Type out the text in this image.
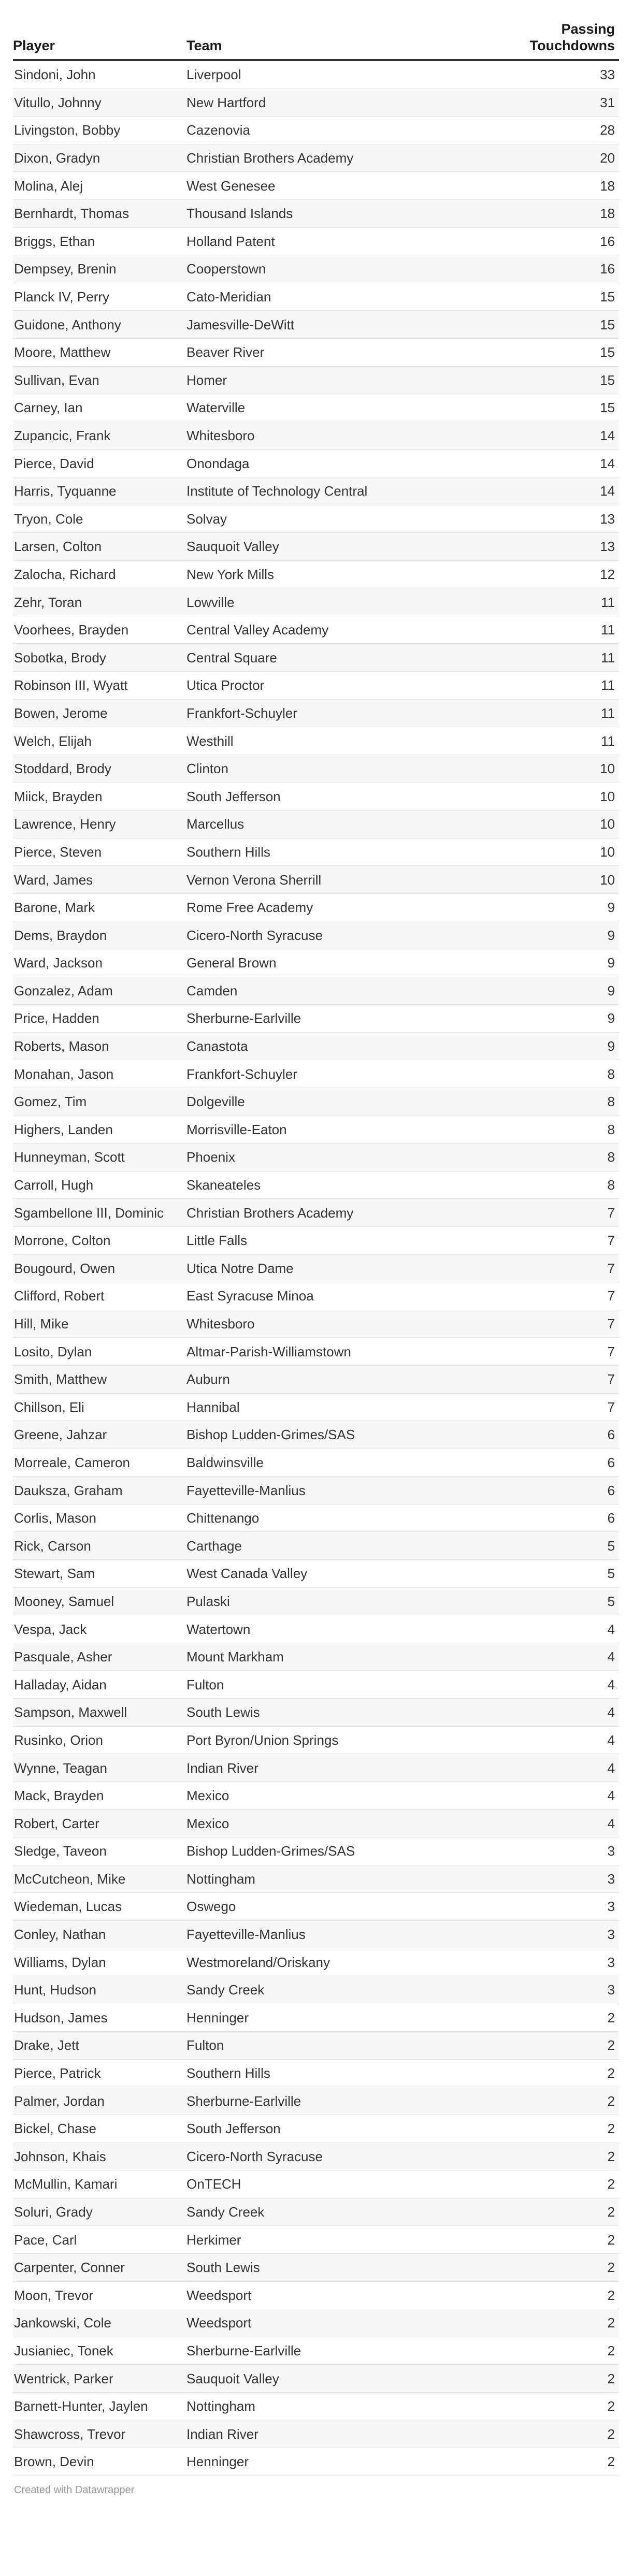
Player	Team	Passing
Touchdowns
Sindoni, John	Liverpool	33
Vitullo, Johnny	New Hartford	31
Livingston, Bobby	Cazenovia	28
Dixon, Gradyn	Christian Brothers Academy	20
Molina, Alej	West Genesee	18
Bernhardt, Thomas	Thousand Islands	18
Briggs, Ethan	Holland Patent	16
Dempsey, Brenin	Cooperstown	16
Planck IV, Perry	Cato-Meridian	15
Guidone, Anthony	Jamesville-DeWitt	15
Moore, Matthew	Beaver River	15
Sullivan, Evan	Homer	15
Carney, Ian	Waterville	15
Zupancic, Frank	Whitesboro	14
Pierce, David	Onondaga	14
Harris, Tyquanne	Institute of Technology Central	14
Tryon, Cole	Solvay	13
Larsen, Colton	Sauquoit Valley	13
Zalocha, Richard	New York Mills	12
Zehr, Toran	Lowville	11
Voorhees, Brayden	Central Valley Academy	11
Sobotka, Brody	Central Square	11
Robinson III, Wyatt	Utica Proctor	11
Bowen, Jerome	Frankfort-Schuyler	11
Welch, Elijah	Westhill	11
Stoddard, Brody	Clinton	10
Miick, Brayden	South Jefferson	10
Lawrence, Henry	Marcellus	10
Pierce, Steven	Southern Hills	10
Ward, James	Vernon Verona Sherrill	10
Barone, Mark	Rome Free Academy	9
Dems, Braydon	Cicero-North Syracuse	9
Ward, Jackson	General Brown	9
Gonzalez, Adam	Camden	9
Price, Hadden	Sherburne-Earlville	9
Roberts, Mason	Canastota	9
Monahan, Jason	Frankfort-Schuyler	8
Gomez, Tim	Dolgeville	8
Highers, Landen	Morrisville-Eaton	8
Hunneyman, Scott	Phoenix	8
Carroll, Hugh	Skaneateles	8
Sgambellone III, Dominic	Christian Brothers Academy	7
Morrone, Colton	Little Falls	7
Bougourd, Owen	Utica Notre Dame	7
Clifford, Robert	East Syracuse Minoa	7
Hill, Mike	Whitesboro	7
Losito, Dylan	Altmar-Parish-Williamstown	7
Smith, Matthew	Auburn	7
Chillson, Eli	Hannibal	7
Greene, Jahzar	Bishop Ludden-Grimes/SAS	6
Morreale, Cameron	Baldwinsville	6
Dauksza, Graham	Fayetteville-Manlius	6
Corlis, Mason	Chittenango	6
Rick, Carson	Carthage	5
Stewart, Sam	West Canada Valley	5
Mooney, Samuel	Pulaski	5
Vespa, Jack	Watertown	4
Pasquale, Asher	Mount Markham	4
Halladay, Aidan	Fulton	4
Sampson, Maxwell	South Lewis	4
Rusinko, Orion	Port Byron/Union Springs	4
Wynne, Teagan	Indian River	4
Mack, Brayden	Mexico	4
Robert, Carter	Mexico	4
Sledge, Taveon	Bishop Ludden-Grimes/SAS	3
McCutcheon, Mike	Nottingham	3
Wiedeman, Lucas	Oswego	3
Conley, Nathan	Fayetteville-Manlius	3
Williams, Dylan	Westmoreland/Oriskany	3
Hunt, Hudson	Sandy Creek	3
Hudson, James	Henninger	2
Drake, Jett	Fulton	2
Pierce, Patrick	Southern Hills	2
Palmer, Jordan	Sherburne-Earlville	2
Bickel, Chase	South Jefferson	2
Johnson, Khais	Cicero-North Syracuse	2
McMullin, Kamari	OnTECH	2
Soluri, Grady	Sandy Creek	2
Pace, Carl	Herkimer	2
Carpenter, Conner	South Lewis	2
Moon, Trevor	Weedsport	2
Jankowski, Cole	Weedsport	2
Jusianiec, Tonek	Sherburne-Earlville	2
Wentrick, Parker	Sauquoit Valley	2
Barnett-Hunter, Jaylen	Nottingham	2
Shawcross, Trevor	Indian River	2
Brown, Devin	Henninger	2
Created with Datawrapper
